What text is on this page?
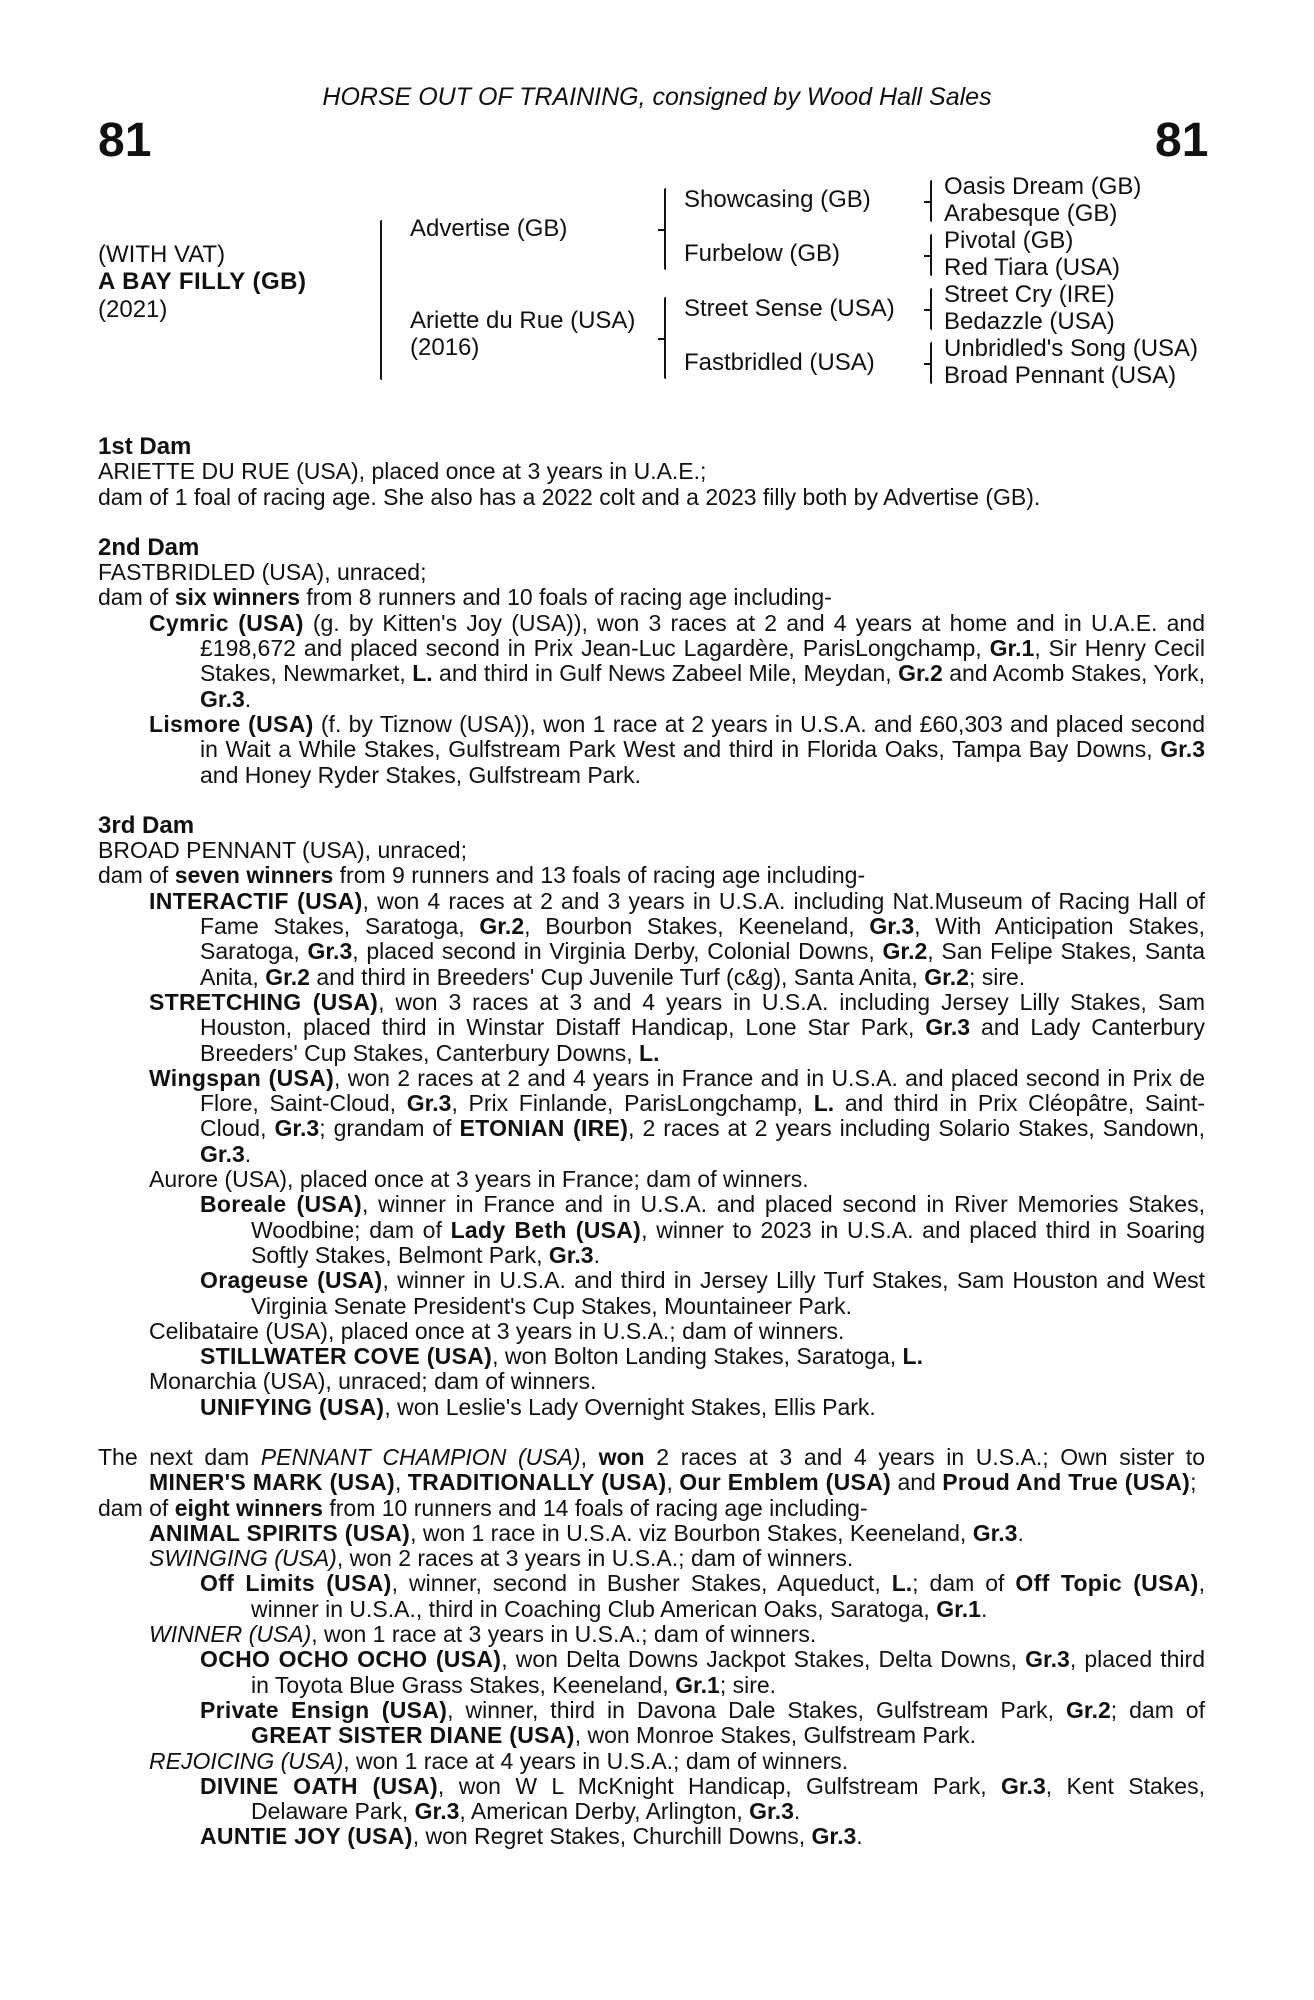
HORSE OUT OF TRAINING, consigned by Wood Hall Sales
81	81
(WITH VAT)
A BAY FILLY (GB)
(2021)
Advertise (GB)
Ariette du Rue (USA)
(2016)
Showcasing (GB)
Furbelow (GB)
Street Sense (USA)
Fastbridled (USA)
Oasis Dream (GB)
Arabesque (GB)
Pivotal (GB)
Red Tiara (USA)
Street Cry (IRE)
Bedazzle (USA)
Unbridled's Song (USA)
Broad Pennant (USA)
1st Dam
ARIETTE DU RUE (USA), placed once at 3 years in U.A.E.;
dam of 1 foal of racing age. She also has a 2022 colt and a 2023 filly both by Advertise (GB).
2nd Dam
FASTBRIDLED (USA), unraced;
dam of six winners from 8 runners and 10 foals of racing age including-
Cymric (USA) (g. by Kitten's Joy (USA)), won 3 races at 2 and 4 years at home and in U.A.E. and £198,672 and placed second in Prix Jean-Luc Lagardère, ParisLongchamp, Gr.1, Sir Henry Cecil Stakes, Newmarket, L. and third in Gulf News Zabeel Mile, Meydan, Gr.2 and Acomb Stakes, York, Gr.3.
Lismore (USA) (f. by Tiznow (USA)), won 1 race at 2 years in U.S.A. and £60,303 and placed second in Wait a While Stakes, Gulfstream Park West and third in Florida Oaks, Tampa Bay Downs, Gr.3 and Honey Ryder Stakes, Gulfstream Park.
3rd Dam
BROAD PENNANT (USA), unraced;
dam of seven winners from 9 runners and 13 foals of racing age including-
INTERACTIF (USA), won 4 races at 2 and 3 years in U.S.A. including Nat.Museum of Racing Hall of Fame Stakes, Saratoga, Gr.2, Bourbon Stakes, Keeneland, Gr.3, With Anticipation Stakes, Saratoga, Gr.3, placed second in Virginia Derby, Colonial Downs, Gr.2, San Felipe Stakes, Santa Anita, Gr.2 and third in Breeders' Cup Juvenile Turf (c&g), Santa Anita, Gr.2; sire.
STRETCHING (USA), won 3 races at 3 and 4 years in U.S.A. including Jersey Lilly Stakes, Sam Houston, placed third in Winstar Distaff Handicap, Lone Star Park, Gr.3 and Lady Canterbury Breeders' Cup Stakes, Canterbury Downs, L.
Wingspan (USA), won 2 races at 2 and 4 years in France and in U.S.A. and placed second in Prix de Flore, Saint-Cloud, Gr.3, Prix Finlande, ParisLongchamp, L. and third in Prix Cléopâtre, Saint-Cloud, Gr.3; grandam of ETONIAN (IRE), 2 races at 2 years including Solario Stakes, Sandown, Gr.3.
Aurore (USA), placed once at 3 years in France; dam of winners.
Boreale (USA), winner in France and in U.S.A. and placed second in River Memories Stakes, Woodbine; dam of Lady Beth (USA), winner to 2023 in U.S.A. and placed third in Soaring Softly Stakes, Belmont Park, Gr.3.
Orageuse (USA), winner in U.S.A. and third in Jersey Lilly Turf Stakes, Sam Houston and West Virginia Senate President's Cup Stakes, Mountaineer Park.
Celibataire (USA), placed once at 3 years in U.S.A.; dam of winners.
STILLWATER COVE (USA), won Bolton Landing Stakes, Saratoga, L.
Monarchia (USA), unraced; dam of winners.
UNIFYING (USA), won Leslie's Lady Overnight Stakes, Ellis Park.
The next dam PENNANT CHAMPION (USA), won 2 races at 3 and 4 years in U.S.A.; Own sister to MINER'S MARK (USA), TRADITIONALLY (USA), Our Emblem (USA) and Proud And True (USA);
dam of eight winners from 10 runners and 14 foals of racing age including-
ANIMAL SPIRITS (USA), won 1 race in U.S.A. viz Bourbon Stakes, Keeneland, Gr.3.
SWINGING (USA), won 2 races at 3 years in U.S.A.; dam of winners.
Off Limits (USA), winner, second in Busher Stakes, Aqueduct, L.; dam of Off Topic (USA), winner in U.S.A., third in Coaching Club American Oaks, Saratoga, Gr.1.
WINNER (USA), won 1 race at 3 years in U.S.A.; dam of winners.
OCHO OCHO OCHO (USA), won Delta Downs Jackpot Stakes, Delta Downs, Gr.3, placed third in Toyota Blue Grass Stakes, Keeneland, Gr.1; sire.
Private Ensign (USA), winner, third in Davona Dale Stakes, Gulfstream Park, Gr.2; dam of GREAT SISTER DIANE (USA), won Monroe Stakes, Gulfstream Park.
REJOICING (USA), won 1 race at 4 years in U.S.A.; dam of winners.
DIVINE OATH (USA), won W L McKnight Handicap, Gulfstream Park, Gr.3, Kent Stakes, Delaware Park, Gr.3, American Derby, Arlington, Gr.3.
AUNTIE JOY (USA), won Regret Stakes, Churchill Downs, Gr.3.
